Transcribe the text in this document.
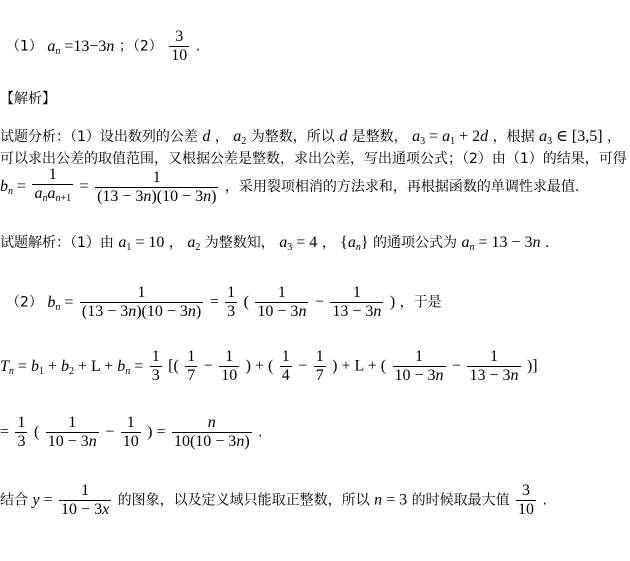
（1） $a_n =13-3n$ ；$(2) \frac{3}{10}$ .
【解析】
试题分析：（1）设出数列的公差 d ， $a_2$ 为整数，所以 d 是整数， $a_3 = a_1 + 2d$ ，根据 $a_3$ ∈ [3,5] ，
可以求出公差的取值范围，又根据公差是整数，求出公差，写出通项公式；（2）由（1）的结果，可得
$b_n = \frac{1}{a_na_{n+1}} = \frac{1}{(13 - 3n)(10 - 3n)}$ ，采用裂项相消的方法求和，再根据函数的单调性求最值.
试题解析：（1）由 $a_1 = 10$ ， $a_2$ 为整数知， $a_3 = 4$ ， $\{a_n\}$ 的通项公式为 $a_n = 13 - 3n$ .
（2） $b_n = \frac{1}{(13 - 3n)(10 - 3n)} = \frac{1}{3}$ ( $\frac{1}{10 - 3n} - \frac{1}{13 - 3n}$ ) ，于是
$T_n = b_1 + b_2 + L + b_n = \frac{1}{3}$ [( $\frac{1}{7} - \frac{1}{10}$ ) + ( $\frac{1}{4} - \frac{1}{7}$ ) + L + ( $\frac{1}{10 - 3n} - \frac{1}{13 - 3n}$ )]
= $\frac{1}{3}$ ( $\frac{1}{10 - 3n} - \frac{1}{10}$ ) = $\frac{n}{10(10 - 3n)}$ .
结合 $y = \frac{1}{10 - 3x}$ 的图象，以及定义域只能取正整数，所以 n = 3 的时候取最大值 $\frac{3}{10}$ .
